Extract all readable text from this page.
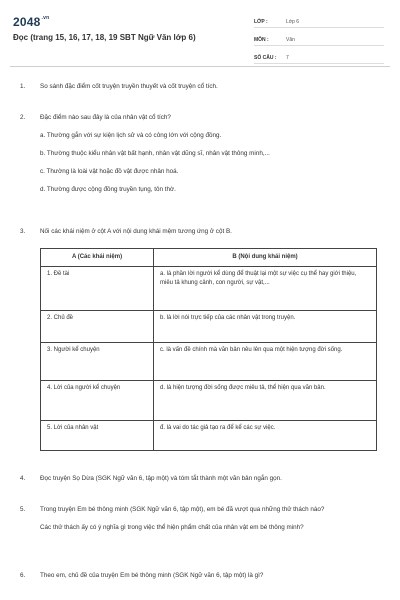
$2048^{.vn}$
Đọc (trang 15, 16, 17, 18, 19 SBT Ngữ Văn lớp 6)
LỚP :	Lớp 6
MÔN :	Văn
SỐ CÂU :	7
1.	So sánh đặc điểm cốt truyện truyền thuyết và cốt truyện cổ tích.
2.	Đặc điểm nào sau đây là của nhân vật cổ tích?
a. Thường gắn với sự kiện lịch sử và có công lớn với cộng đồng.
b. Thường thuộc kiểu nhân vật bất hạnh, nhân vật dũng sĩ, nhân vật thông minh,...
c. Thường là loài vật hoặc đồ vật được nhân hoá.
d. Thường được cộng đồng truyền tụng, tôn thờ.
3.	Nối các khái niệm ở cột A với nội dung khái mệm tương ứng ở cột B.
A (Các khái niệm)	B (Nội dung khái niệm)
1. Đề tài	a. là phần lời người kể dùng để thuật lại một sự việc cụ thể hay giới thiệu, miêu tả khung cảnh, con người, sự vật,...
2. Chủ đề	b. là lời nói trực tiếp của các nhân vật trong truyện.
3. Người kể chuyện	c. là vấn đề chính mà văn bản nêu lên qua một hiện tượng đời sống.
4. Lời của người kể chuyện	d. là hiện tượng đời sống được miêu tả, thể hiện qua văn bản.
5. Lời của nhân vật	đ. là vai do tác giả tạo ra để kể các sự việc.
4.	Đọc truyện Sọ Dừa (SGK Ngữ văn 6, tập một) và tóm tắt thành một văn bản ngắn gọn.
5.	Trong truyện Em bé thông minh (SGK Ngữ văn 6, tập một), em bé đã vượt qua những thử thách nào?
Các thử thách ấy có ý nghĩa gì trong việc thể hiện phẩm chất của nhân vật em bé thông minh?
6.	Theo em, chủ đề của truyện Em bé thông minh (SGK Ngữ văn 6, tập một) là gì?
